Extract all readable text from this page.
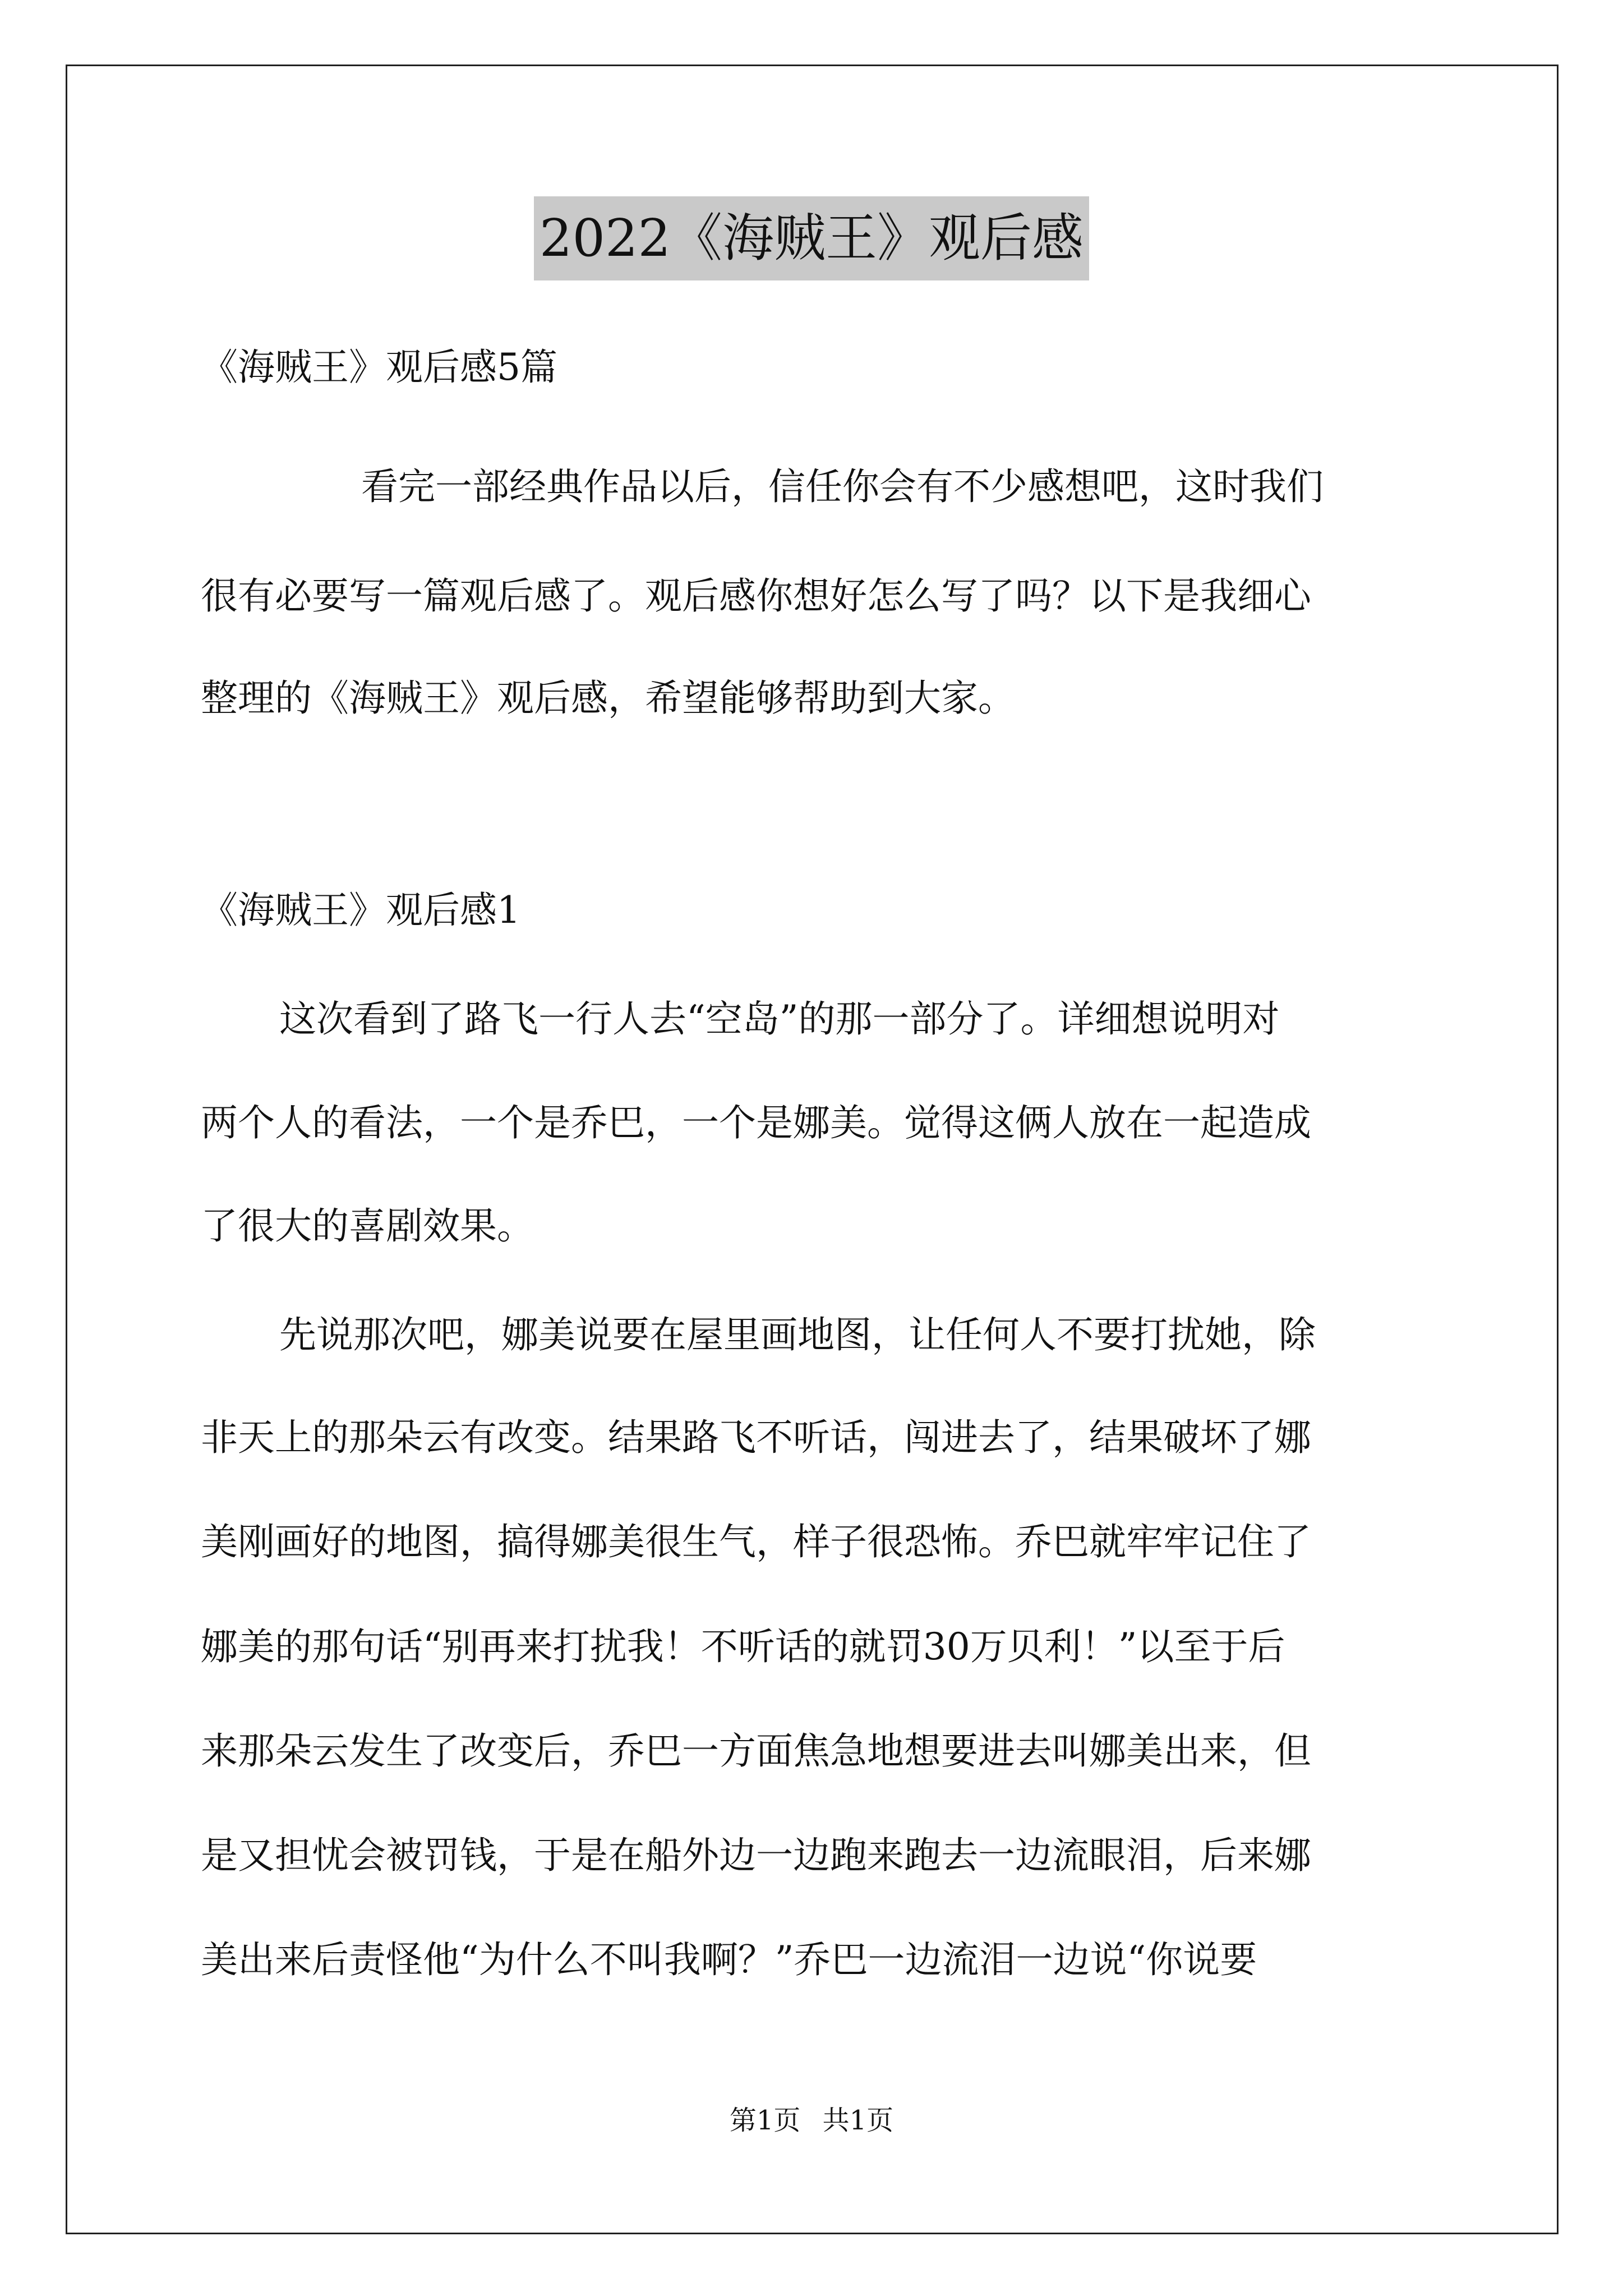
2022《海贼王》观后感
《海贼王》观后感5篇
看完一部经典作品以后，信任你会有不少感想吧，这时我们
很有必要写一篇观后感了。观后感你想好怎么写了吗？以下是我细心
整理的《海贼王》观后感，希望能够帮助到大家。
《海贼王》观后感1
这次看到了路飞一行人去“空岛”的那一部分了。详细想说明对
两个人的看法，一个是乔巴，一个是娜美。觉得这俩人放在一起造成
了很大的喜剧效果。
先说那次吧，娜美说要在屋里画地图，让任何人不要打扰她，除
非天上的那朵云有改变。结果路飞不听话，闯进去了，结果破坏了娜
美刚画好的地图，搞得娜美很生气，样子很恐怖。乔巴就牢牢记住了
娜美的那句话“别再来打扰我！不听话的就罚30万贝利！”以至于后
来那朵云发生了改变后，乔巴一方面焦急地想要进去叫娜美出来，但
是又担忧会被罚钱，于是在船外边一边跑来跑去一边流眼泪，后来娜
美出来后责怪他“为什么不叫我啊？”乔巴一边流泪一边说“你说要
第1页 共1页
